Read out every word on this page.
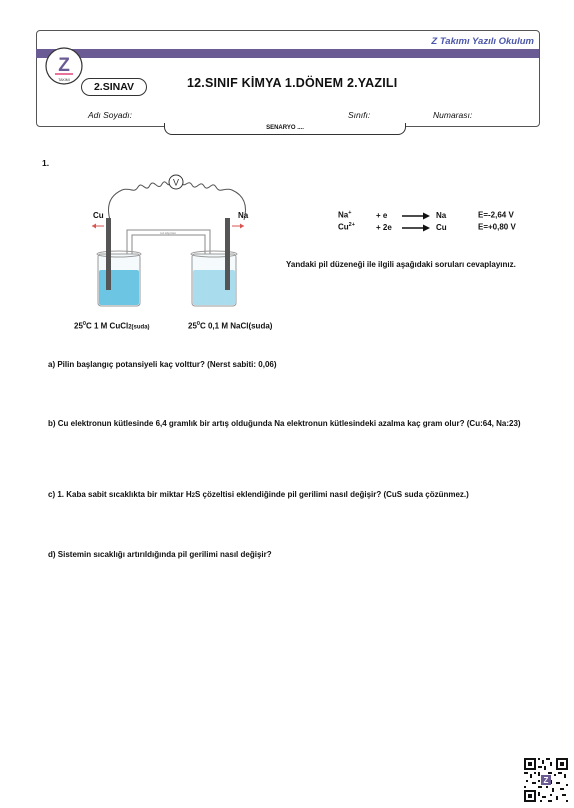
Z Takımı Yazılı Okulum
Z
TAKIMI
2.SINAV	12.SINIF KİMYA 1.DÖNEM 2.YAZILI
Adı Soyadı:	Sınıfı:	Numarası:
SENARYO ....
1.
V
tuz köprüsü
Cu	Na
$25^0C$ 1 M CuCl2(suda)	$25^0C$ 0,1 M NaCl(suda)
Na+	+ e	Na	E=-2,64 V
$Cu^{2+}$	+ 2e	Cu	E=+0,80 V
Yandaki pil düzeneği ile ilgili aşağıdaki soruları cevaplayınız.
a) Pilin başlangıç potansiyeli kaç volttur? (Nerst sabiti: 0,06)
b) Cu elektronun kütlesinde 6,4 gramlık bir artış olduğunda Na elektronun kütlesindeki azalma kaç gram olur? (Cu:64, Na:23)
c) 1. Kaba sabit sıcaklıkta bir miktar H2S çözeltisi eklendiğinde pil gerilimi nasıl değişir? (CuS suda çözünmez.)
d) Sistemin sıcaklığı artırıldığında pil gerilimi nasıl değişir?
Z
